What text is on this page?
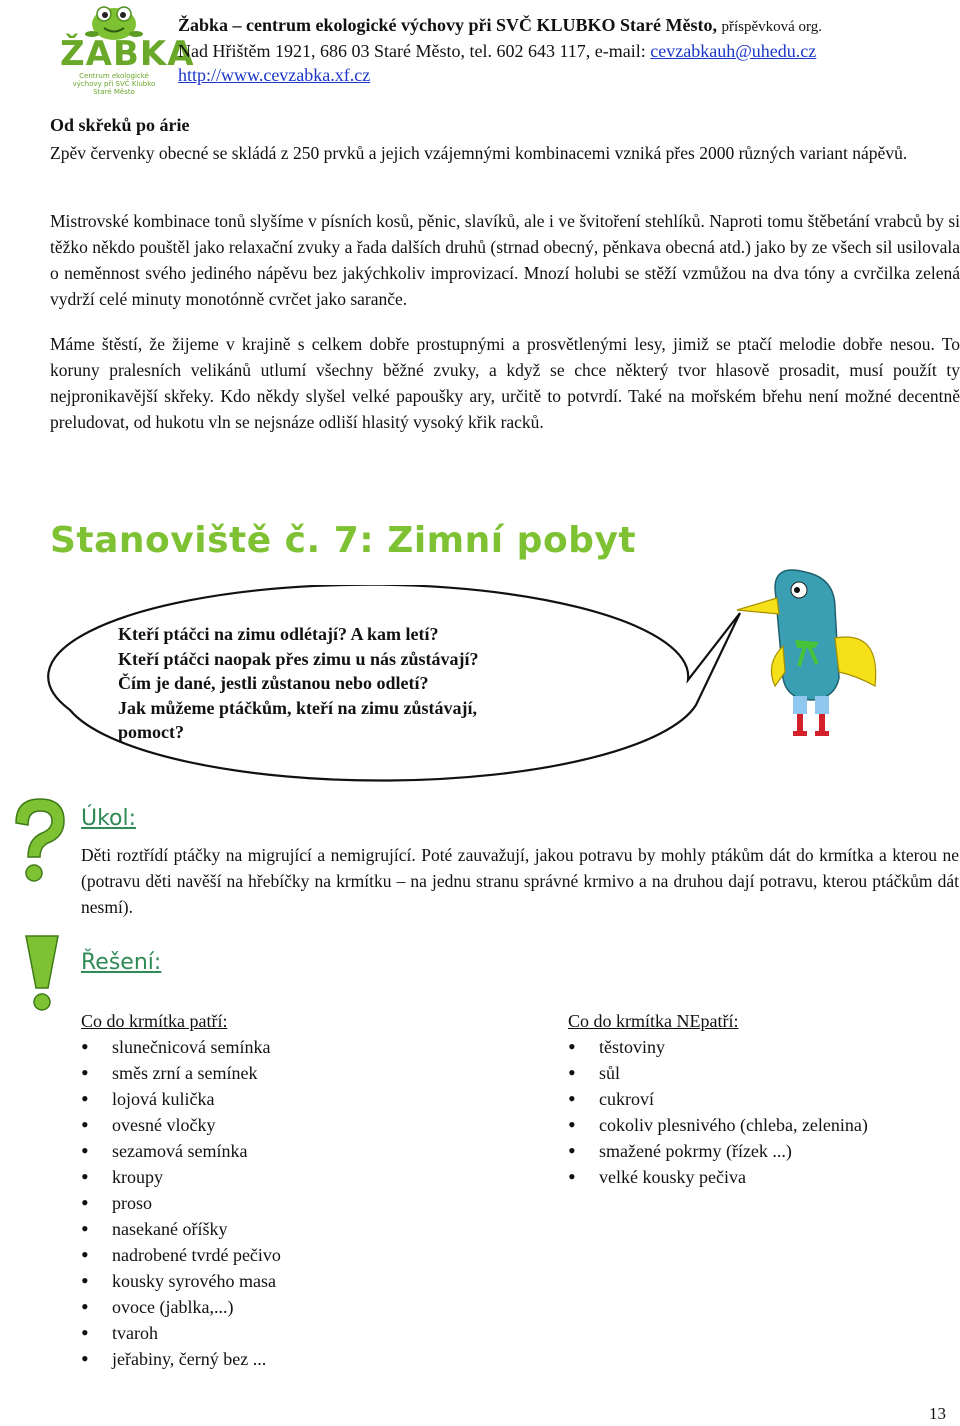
ŽABKA
Centrum ekologické výchovy při SVČ Klubko Staré Město
Žabka – centrum ekologické výchovy při SVČ KLUBKO Staré Město, příspěvková org.
Nad Hřištěm 1921, 686 03 Staré Město, tel. 602 643 117, e-mail: cevzabkauh@uhedu.cz
http://www.cevzabka.xf.cz
Od skřeků po árie

Zpěv červenky obecné se skládá z 250 prvků a jejich vzájemnými kombinacemi vzniká přes 2000 různých variant nápěvů.

Mistrovské kombinace tonů slyšíme v písních kosů, pěnic, slavíků, ale i ve švitoření stehlíků. Naproti tomu štěbetání vrabců by si těžko někdo pouštěl jako relaxační zvuky a řada dalších druhů (strnad obecný, pěnkava obecná atd.) jako by ze všech sil usilovala o neměnnost svého jediného nápěvu bez jakýchkoliv improvizací. Mnozí holubi se stěží vzmůžou na dva tóny a cvrčilka zelená vydrží celé minuty monotónně cvrčet jako saranče.

Máme štěstí, že žijeme v krajině s celkem dobře prostupnými a prosvětlenými lesy, jimiž se ptačí melodie dobře nesou. To koruny pralesních velikánů utlumí všechny běžné zvuky, a když se chce některý tvor hlasově prosadit, musí použít ty nejpronikavější skřeky. Kdo někdy slyšel velké papoušky ary, určitě to potvrdí. Také na mořském břehu není možné decentně preludovat, od hukotu vln se nejsnáze odliší hlasitý vysoký křik racků.

Stanoviště č. 7: Zimní pobyt
Kteří ptáčci na zimu odlétají? A kam letí?
Kteří ptáčci naopak přes zimu u nás zůstávají?
Čím je dané, jestli zůstanou nebo odletí?
Jak můžeme ptáčkům, kteří na zimu zůstávají,
pomoct?
Úkol:

Děti roztřídí ptáčky na migrující a nemigrující. Poté zauvažují, jakou potravu by mohly ptákům dát do krmítka a kterou ne (potravu děti navěší na hřebíčky na krmítku – na jednu stranu správné krmivo a na druhou dají potravu, kterou ptáčkům dát nesmí).

Řešení:
Co do krmítka patří:
• slunečnicová semínka
• směs zrní a semínek
• lojová kulička
• ovesné vločky
• sezamová semínka
• kroupy
• proso
• nasekané oříšky
• nadrobené tvrdé pečivo
• kousky syrového masa
• ovoce (jablka,...)
• tvaroh
• jeřabiny, černý bez ...
Co do krmítka NEpatří:
• těstoviny
• sůl
• cukroví
• cokoliv plesnivého (chleba, zelenina)
• smažené pokrmy (řízek ...)
• velké kousky pečiva
13
